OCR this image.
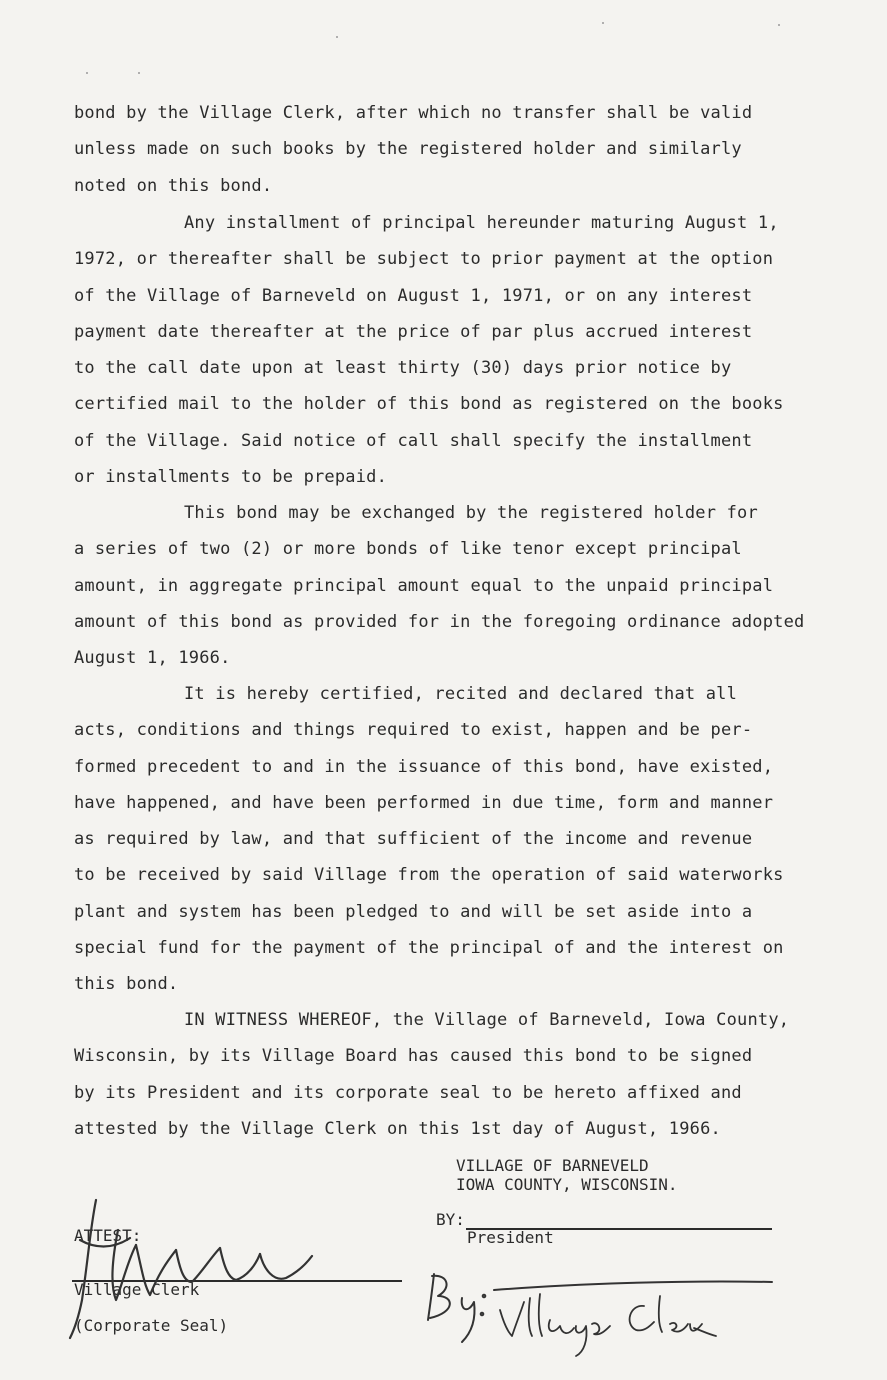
bond by the Village Clerk, after which no transfer shall be valid
unless made on such books by the registered holder and similarly
noted on this bond.
Any installment of principal hereunder maturing August 1,
1972, or thereafter shall be subject to prior payment at the option
of the Village of Barneveld on August 1, 1971, or on any interest
payment date thereafter at the price of par plus accrued interest
to the call date upon at least thirty (30) days prior notice by
certified mail to the holder of this bond as registered on the books
of the Village. Said notice of call shall specify the installment
or installments to be prepaid.
This bond may be exchanged by the registered holder for
a series of two (2) or more bonds of like tenor except principal
amount, in aggregate principal amount equal to the unpaid principal
amount of this bond as provided for in the foregoing ordinance adopted
August 1, 1966.
It is hereby certified, recited and declared that all
acts, conditions and things required to exist, happen and be per-
formed precedent to and in the issuance of this bond, have existed,
have happened, and have been performed in due time, form and manner
as required by law, and that sufficient of the income and revenue
to be received by said Village from the operation of said waterworks
plant and system has been pledged to and will be set aside into a
special fund for the payment of the principal of and the interest on
this bond.
IN WITNESS WHEREOF, the Village of Barneveld, Iowa County,
Wisconsin, by its Village Board has caused this bond to be signed
by its President and its corporate seal to be hereto affixed and
attested by the Village Clerk on this 1st day of August, 1966.
VILLAGE OF BARNEVELD
IOWA COUNTY, WISCONSIN.
BY:
President
ATTEST:
Village Clerk
(Corporate Seal)
